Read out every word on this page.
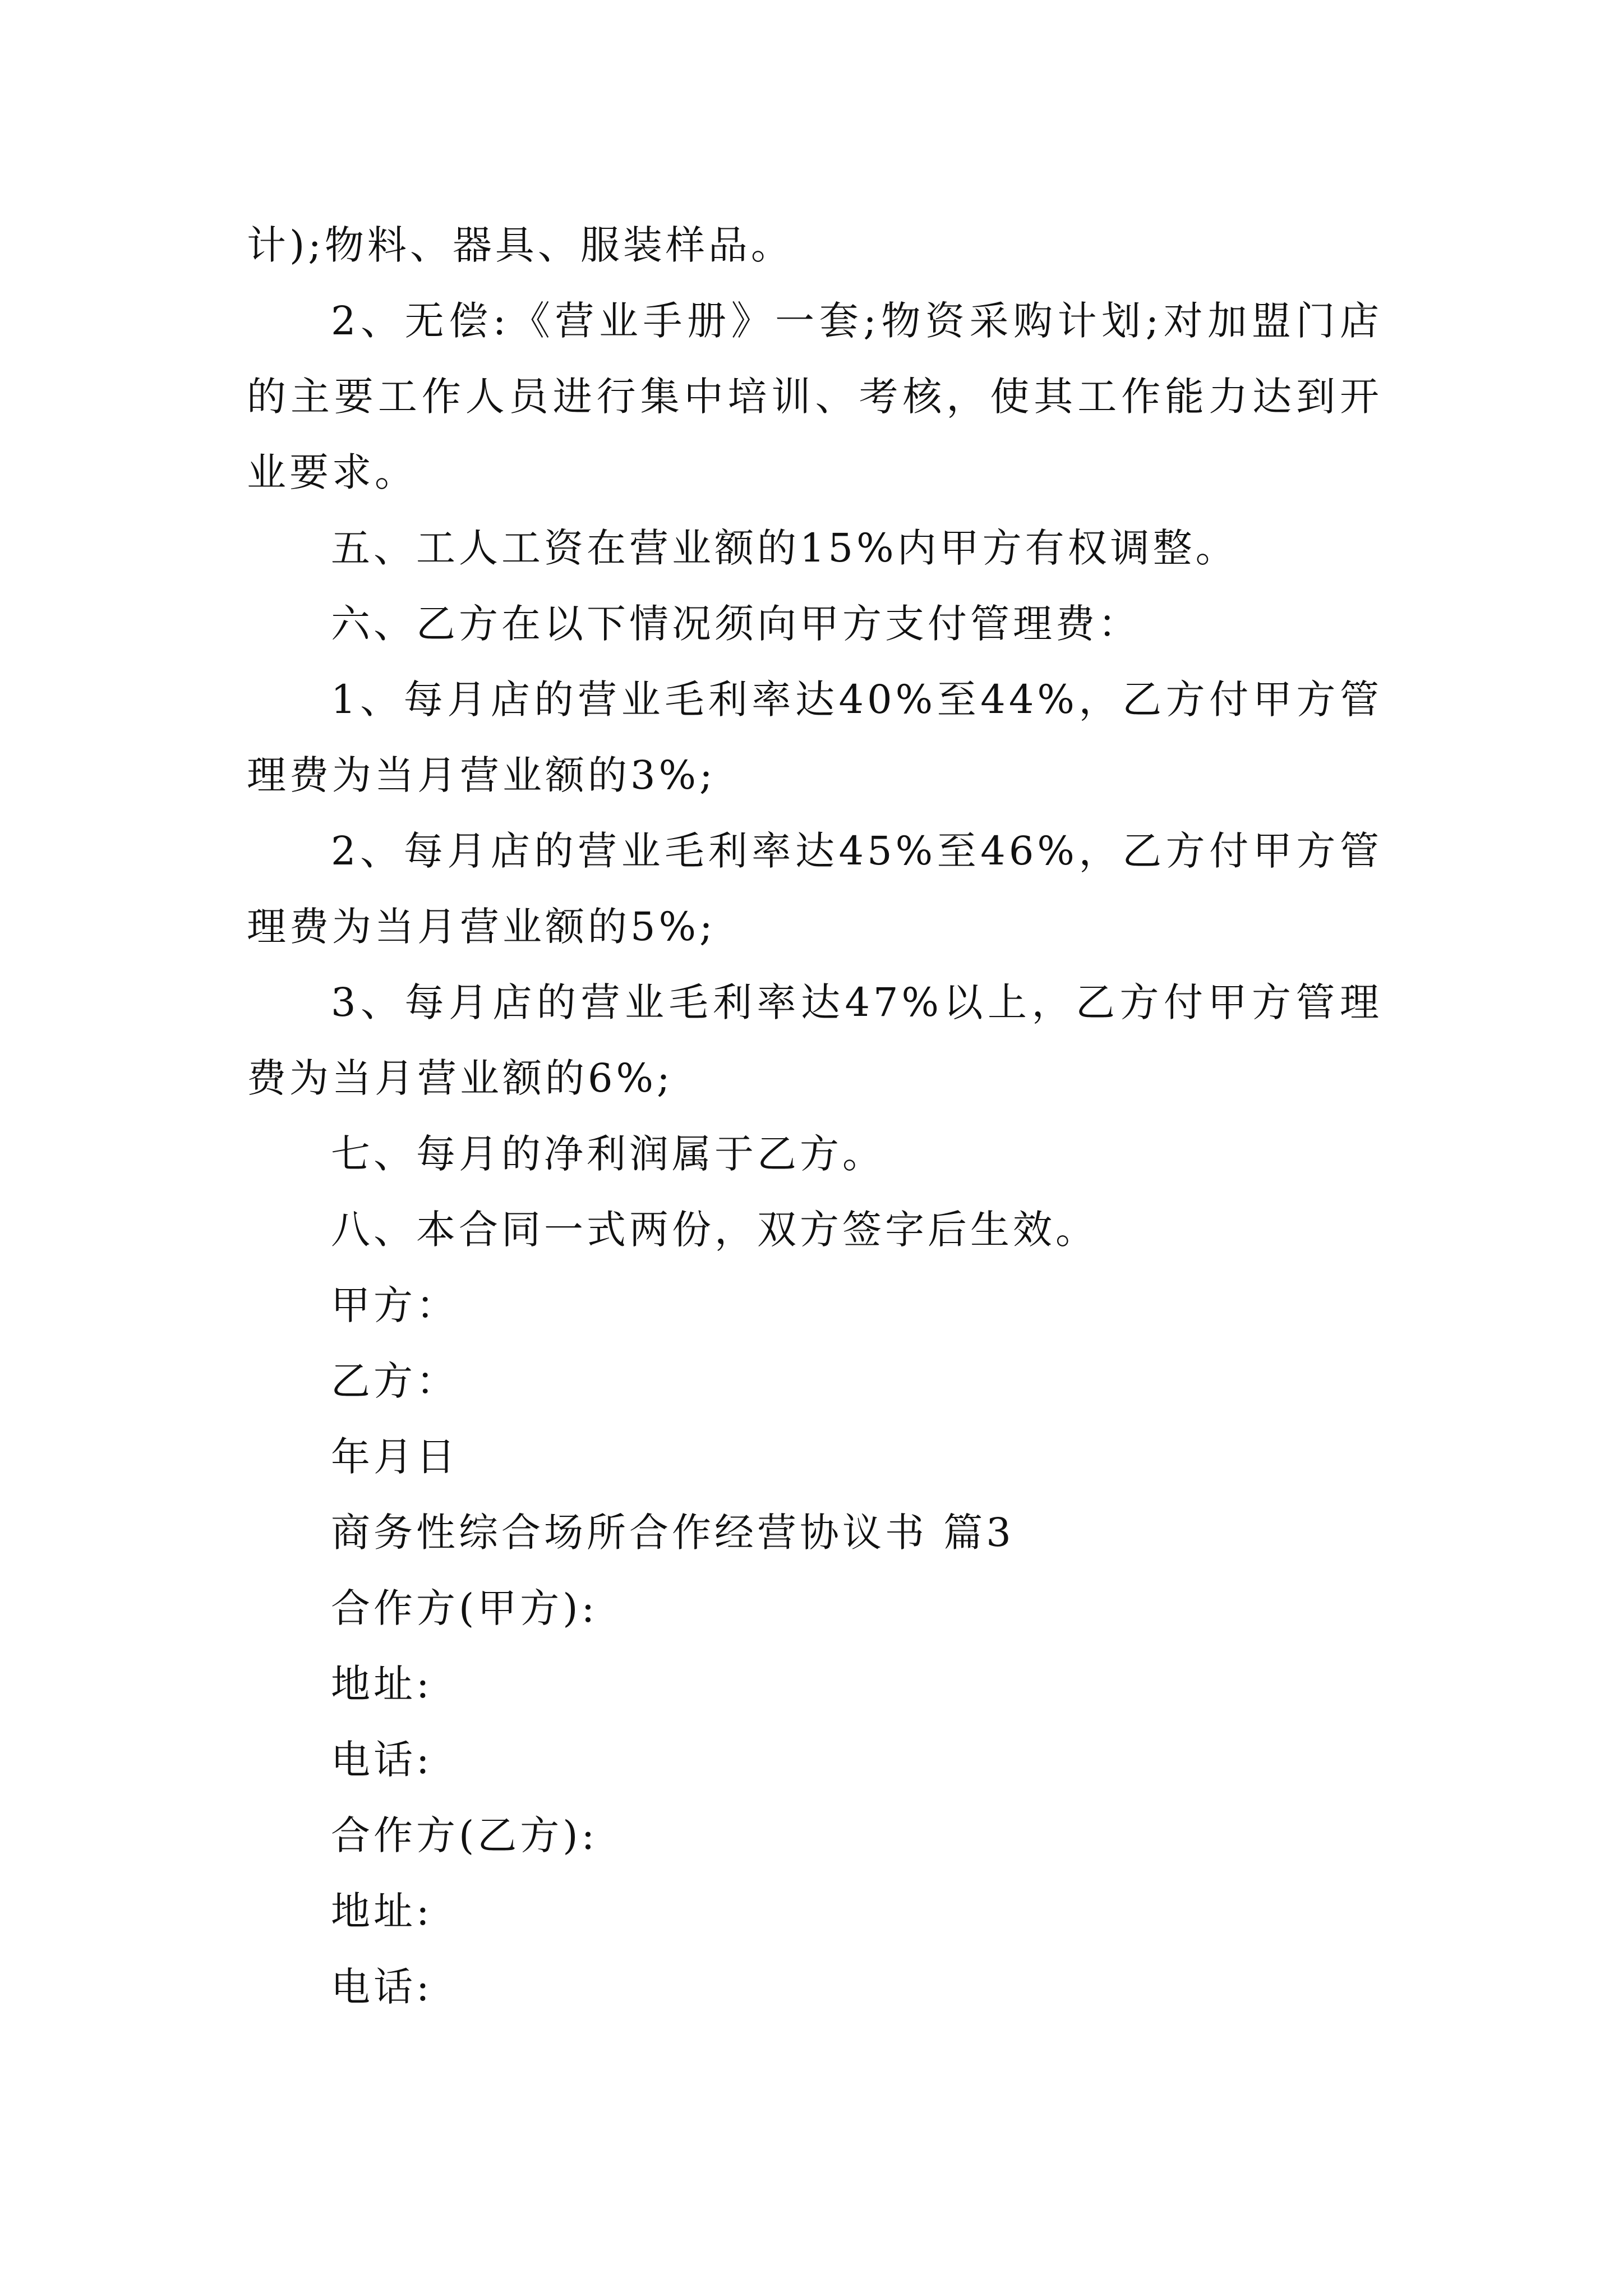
计);物料、器具、服装样品。

2、无偿:《营业手册》一套;物资采购计划;对加盟门店的主要工作人员进行集中培训、考核，使其工作能力达到开业要求。

五、工人工资在营业额的15%内甲方有权调整。

六、乙方在以下情况须向甲方支付管理费：

1、每月店的营业毛利率达40%至44%，乙方付甲方管理费为当月营业额的3%;

2、每月店的营业毛利率达45%至46%，乙方付甲方管理费为当月营业额的5%;

3、每月店的营业毛利率达47%以上，乙方付甲方管理费为当月营业额的6%;

七、每月的净利润属于乙方。

八、本合同一式两份，双方签字后生效。

甲方：

乙方：

年月日

商务性综合场所合作经营协议书 篇3

合作方(甲方):

地址:

电话:

合作方(乙方):

地址:

电话:
